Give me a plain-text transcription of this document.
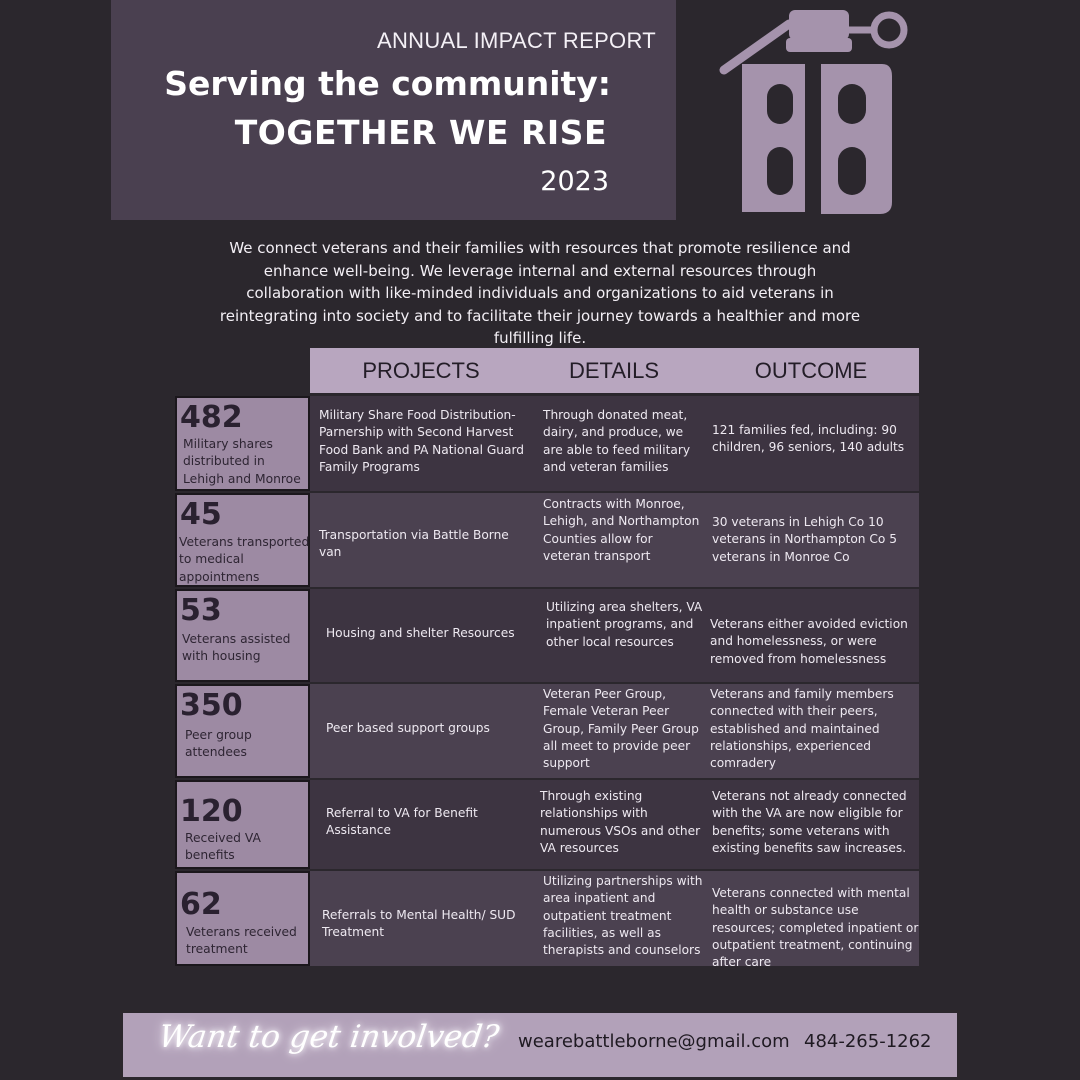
ANNUAL IMPACT REPORT
Serving the community:
TOGETHER WE RISE
2023

We connect veterans and their families with resources that promote resilience and enhance well-being. We leverage internal and external resources through collaboration with like-minded individuals and organizations to aid veterans in reintegrating into society and to facilitate their journey towards a healthier and more fulfilling life.

PROJECTS	DETAILS	OUTCOME
482
Military shares distributed in Lehigh and Monroe
Military Share Food Distribution- Parnership with Second Harvest Food Bank and PA National Guard Family Programs
Through donated meat, dairy, and produce, we are able to feed military and veteran families
121 families fed, including: 90 children, 96 seniors, 140 adults
45
Veterans transported to medical appointmens
Transportation via Battle Borne van
Contracts with Monroe, Lehigh, and Northampton Counties allow for veteran transport
30 veterans in Lehigh Co 10 veterans in Northampton Co 5 veterans in Monroe Co
53
Veterans assisted with housing
Housing and shelter Resources
Utilizing area shelters, VA inpatient programs, and other local resources
Veterans either avoided eviction and homelessness, or were removed from homelessness
350
Peer group attendees
Peer based support groups
Veteran Peer Group, Female Veteran Peer Group, Family Peer Group all meet to provide peer support
Veterans and family members connected with their peers, established and maintained relationships, experienced comradery
120
Received VA benefits
Referral to VA for Benefit Assistance
Through existing relationships with numerous VSOs and other VA resources
Veterans not already connected with the VA are now eligible for benefits; some veterans with existing benefits saw increases.
62
Veterans received treatment
Referrals to Mental Health/ SUD Treatment
Utilizing partnerships with area inpatient and outpatient treatment facilities, as well as therapists and counselors
Veterans connected with mental health or substance use resources; completed inpatient or outpatient treatment, continuing after care
Want to get involved? wearebattleborne@gmail.com 484-265-1262
